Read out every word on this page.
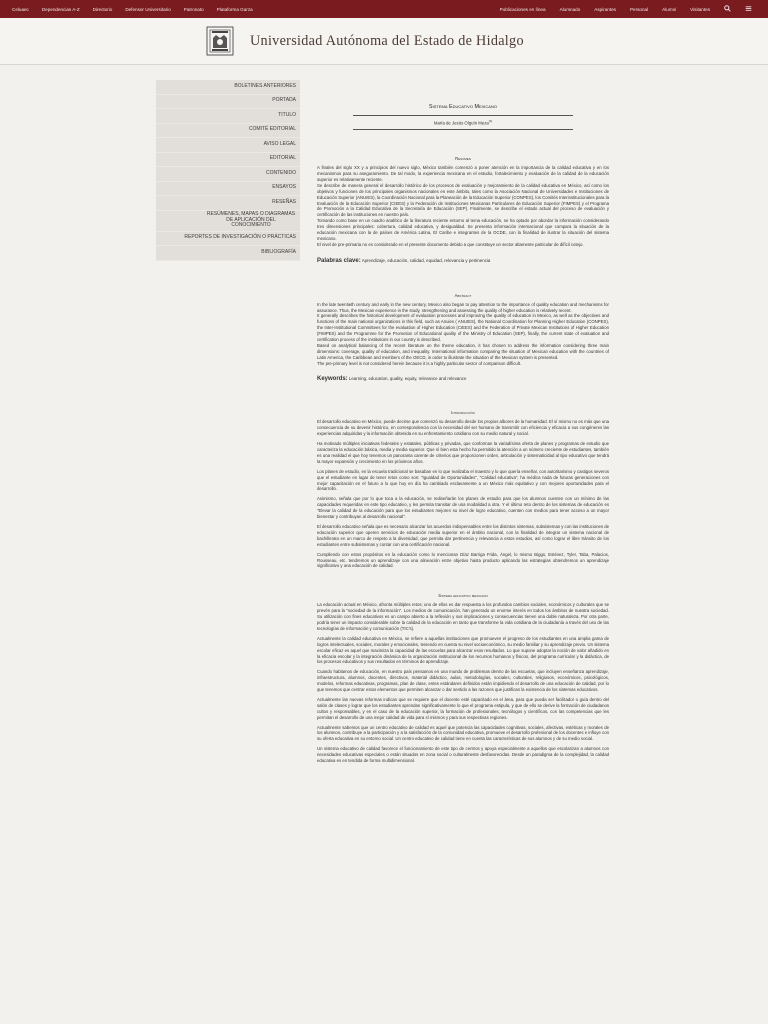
Celuaec	Dependencias A-Z	Directorio	Defensor Universitario	Patronato	Plataforma Garza	Publicaciones en línea	Alumnado	Aspirantes	Personal	Alumni	Visitantes
Universidad Autónoma del Estado de Hidalgo
BOLETINES ANTERIORES
PORTADA
TITULO
COMITÉ EDITORIAL
AVISO LEGAL
EDITORIAL
CONTENIDO
ENSAYOS
RESEÑAS
RESÚMENES, MAPAS O DIAGRAMAS DE APLICACIÓN DEL CONOCIMIENTO
REPORTES DE INVESTIGACIÓN O PRÁCTICAS
BIBLIOGRAFÍA
Sistema Educativo Mexicano
María de Jesús Olguín Meza[1]
Resumen

A finales del siglo XX y a principios del nuevo siglo, México también comenzó a poner atención en la importancia de la calidad educativa y en los mecanismos para su aseguramiento. De tal modo, la experiencia mexicana en el estudio, fortalecimiento y evaluación de la calidad de la educación superior es relativamente reciente.

Se describe de manera general el desarrollo histórico de los procesos de evaluación y mejoramiento de la calidad educativa en México, así como los objetivos y funciones de los principales organismos nacionales en este ámbito, tales como la Asociación Nacional de Universidades e Instituciones de Educación Superior (ANUIES), la Coordinación Nacional para la Planeación de la Educación Superior (CONPES), los Comités Interinstitucionales para la Evaluación de la Educación Superior (CIEES) y la Federación de Instituciones Mexicanas Particulares de Educación Superior (FIMPES) y el Programa de Promoción a la Calidad Educativa de la Secretaría de Educación (SEP). Finalmente, se describe el estado actual del proceso de evaluación y certificación de las instituciones en nuestro país.

Tomando como base en un cuadro analítico de la literatura reciente entorno al tema educación, se ha optado por abordar la información considerando tres dimensiones principales: cobertura, calidad educativa, y desigualdad. Se presenta información internacional que compara la situación de la educación mexicana con la de países de América Latina, El Caribe e integrantes de la OCDE, con la finalidad de ilustrar la situación del sistema mexicano.

El nivel de pre-primaria no es considerado en el presente documento debido a que constituye un sector altamente particular de difícil cotejo.

Palabras clave: Aprendizaje, educación, calidad, equidad, relevancia y pertinencia

Abstract

In the late twentieth century and early in the new century, Mexico also began to pay attention to the importance of quality education and mechanisms for assurance. Thus, the Mexican experience in the study, strengthening and assessing the quality of higher education is relatively recent.

It generally describes the historical development of evaluation processes and improving the quality of education in Mexico, as well as the objectives and functions of the main national organizations in this field, such as Anuies ( ANUIES), the National Coordination for Planning Higher Education (CONPES), the Inter-Institutional Committees for the evaluation of Higher Education (CIEES) and the Federation of Private Mexican Institutions of Higher Education (FIMPES) and the Programme for the Promotion of Educational quality of the Ministry of Education (SEP), finally, the current state of evaluation and certification process of the institutions in our country is described.

Based on analytical balancing of the recent literature on the theme education, it has chosen to address the information considering three main dimensions: coverage, quality of education, and inequality. International information comparing the situation of Mexican education with the countries of Latin America, the Caribbean and members of the OECD, in order to illustrate the situation of the Mexican system is presented.

The pre-primary level is not considered herein because it is a highly particular sector of comparison difficult.

Keywords: Learning, education, quality, equity, relevance and relevance

Introducción

El desarrollo educativo en México, puede decirse que comenzó su desarrollo desde los propios albores de la humanidad. El sí mismo no es más que una consecuencia de su devenir histórico, en correspondencia con la necesidad del ser humano de transmitir con eficiencia y eficacia a sus congéneres las experiencias adquiridas y la información obtenida en su enfrentamiento cotidiano con su medio natural y social.

Ha motivado múltiples iniciativas federales y estatales, públicas y privadas, que conforman la variadísima oferta de planes y programas de estudio que caracteriza la educación básica, media y media superior. Que sí bien esta hecho ha permitido la atención a un número creciente de estudiantes, también es una realidad el que hoy tenemos un panorama carente de criterios que proporcionen orden, articulación y sistematicidad al tipo educativo que tendrá la mayor expansión y crecimiento en los próximos años.

Los planes de estudio, en la escuela tradicional se basaban en lo que realizaba el maestro y lo que quería enseñar, con autoritarismo y castigos severos que el estudiante en lugar de tener retos como son: "Igualdad de Oportunidades", "Calidad educativa", ha médica nada de futuras generaciones con mejor capacitación en el futuro a lo que hoy en día ha cambiado esclavamente a un México más equitativo y con mejores oportunidades para el desarrollo.

Asimismo, señala que por lo que toca a la educación, se rediseñarán los planes de estudio para que los alumnos cuenten con un mínimo de las capacidades requeridas en este tipo educativo, y les permita transitar de una modalidad a otra. Y el último reto dentro de los sistemas de educación es "Elevar la calidad de la educación para que los estudiantes mejoren su nivel de logro educativo, cuenten con medios para tener acceso a un mayor bienestar y contribuyan al desarrollo nacional".

El desarrollo educativo señala que es necesario alcanzar los acuerdos indispensables entre los distintos sistemas, subsistemas y con las instituciones de educación superior que operen servicios de educación media superior en el ámbito nacional, con la finalidad de integrar un sistema nacional de bachillerato en un marco de respeto a la diversidad, que permita dar pertinencia y relevancia a estos estudios, así como lograr el libre tránsito de los estudiantes entre subsistemas y contar con una certificación nacional.

Cumpliendo con estos propósitos en la educación como lo mencionan Díaz Barriga Frida, Ángel, lo mismo Biggs, Estévez, Tyler, Taba, Palacios, Rousseau, etc. tendremos un aprendizaje con una alineación entre objetivo hasta producto aplicando las estrategias obtendremos un aprendizaje significativo y una educación de calidad.

Sistema educativo mexicano

La educación actual en México, afronta múltiples retos; uno de ellos es dar respuesta a los profundos cambios sociales, económicos y culturales que se prevén para la "sociedad de la información". Los medios de comunicación, han generado un enorme interés en todos los ámbitos de nuestra sociedad. Su utilización con fines educativos es un campo abierto a la reflexión y sus implicaciones y consecuencias tienen una doble naturaleza. Por otra parte, podría tener un impacto considerable sobre la calidad de la educación en tanto que transforme la vida cotidiana de la ciudadanía a través del uso de las tecnologías de información y comunicación (TIC's).

Actualmente la calidad educativa en México, se refiere a aquellas instituciones que promueven el progreso de los estudiantes en una amplia gama de logros intelectuales, sociales, morales y emocionales, teniendo en cuenta su nivel socioeconómico, su medio familiar y su aprendizaje previo. Un sistema escolar eficaz es aquel que maximiza la capacidad de las escuelas para alcanzar esos resultados. Lo que supone adoptar la noción de valor añadido en la eficacia escolar y la integración dinámica de la organización institucional de los recursos humanos y físicos, del programa curricular y la didáctica, de los procesos educativos y sus resultados en términos de aprendizaje.

Cuando hablamos de educación, en nuestro país pensamos en una mundo de problemas dentro de las escuelas, que incluyen enseñanza aprendizaje, infraestructura, alumnos, docentes, directivos, material didáctico, aulas, metodologías, sociales, culturales, religiosos, económicos, psicológicos, modelos, reformas educativas, programas, plan de clase, entes estándares definidos están impidiendo el desarrollo de una educación de calidad, por lo que tenemos que centrar estos elementos que permiten alcanzar o dar sentido a las razones que justifican la existencia de los sistemas educativos.

Actualmente las nuevas reformas indican que se requiere que el docente esté capacitado en el área, para que pueda ser facilitador o guía dentro del salón de clases y lograr que los estudiantes aprendan significativamente lo que el programa estipula, y que de ello se derive la formación de ciudadanos cultos y responsables, y en el caso de la educación superior, la formación de profesionales, tecnólogos y científicos, con las competencias que les permitan el desarrollo de una mejor calidad de vida para sí mismos y para sus respectivas regiones.

Actualmente sabemos que un centro educativo de calidad es aquel que potencia las capacidades cognitivas, sociales, afectivas, estéticas y morales de los alumnos, contribuye a la participación y a la satisfacción de la comunidad educativa, promueve el desarrollo profesional de los docentes e influye con su oferta educativa en su entorno social. Un centro educativo de calidad tiene en cuenta las características de sus alumnos y de su medio social.

Un sistema educativo de calidad favorece el funcionamiento de este tipo de centros y apoya especialmente a aquellos que escolarizan a alumnos con necesidades educativas especiales o están situados en zona social o culturalmente desfavorecidas. Desde un paradigma de la complejidad, la calidad educativa es en tendida de forma multidimensional.
